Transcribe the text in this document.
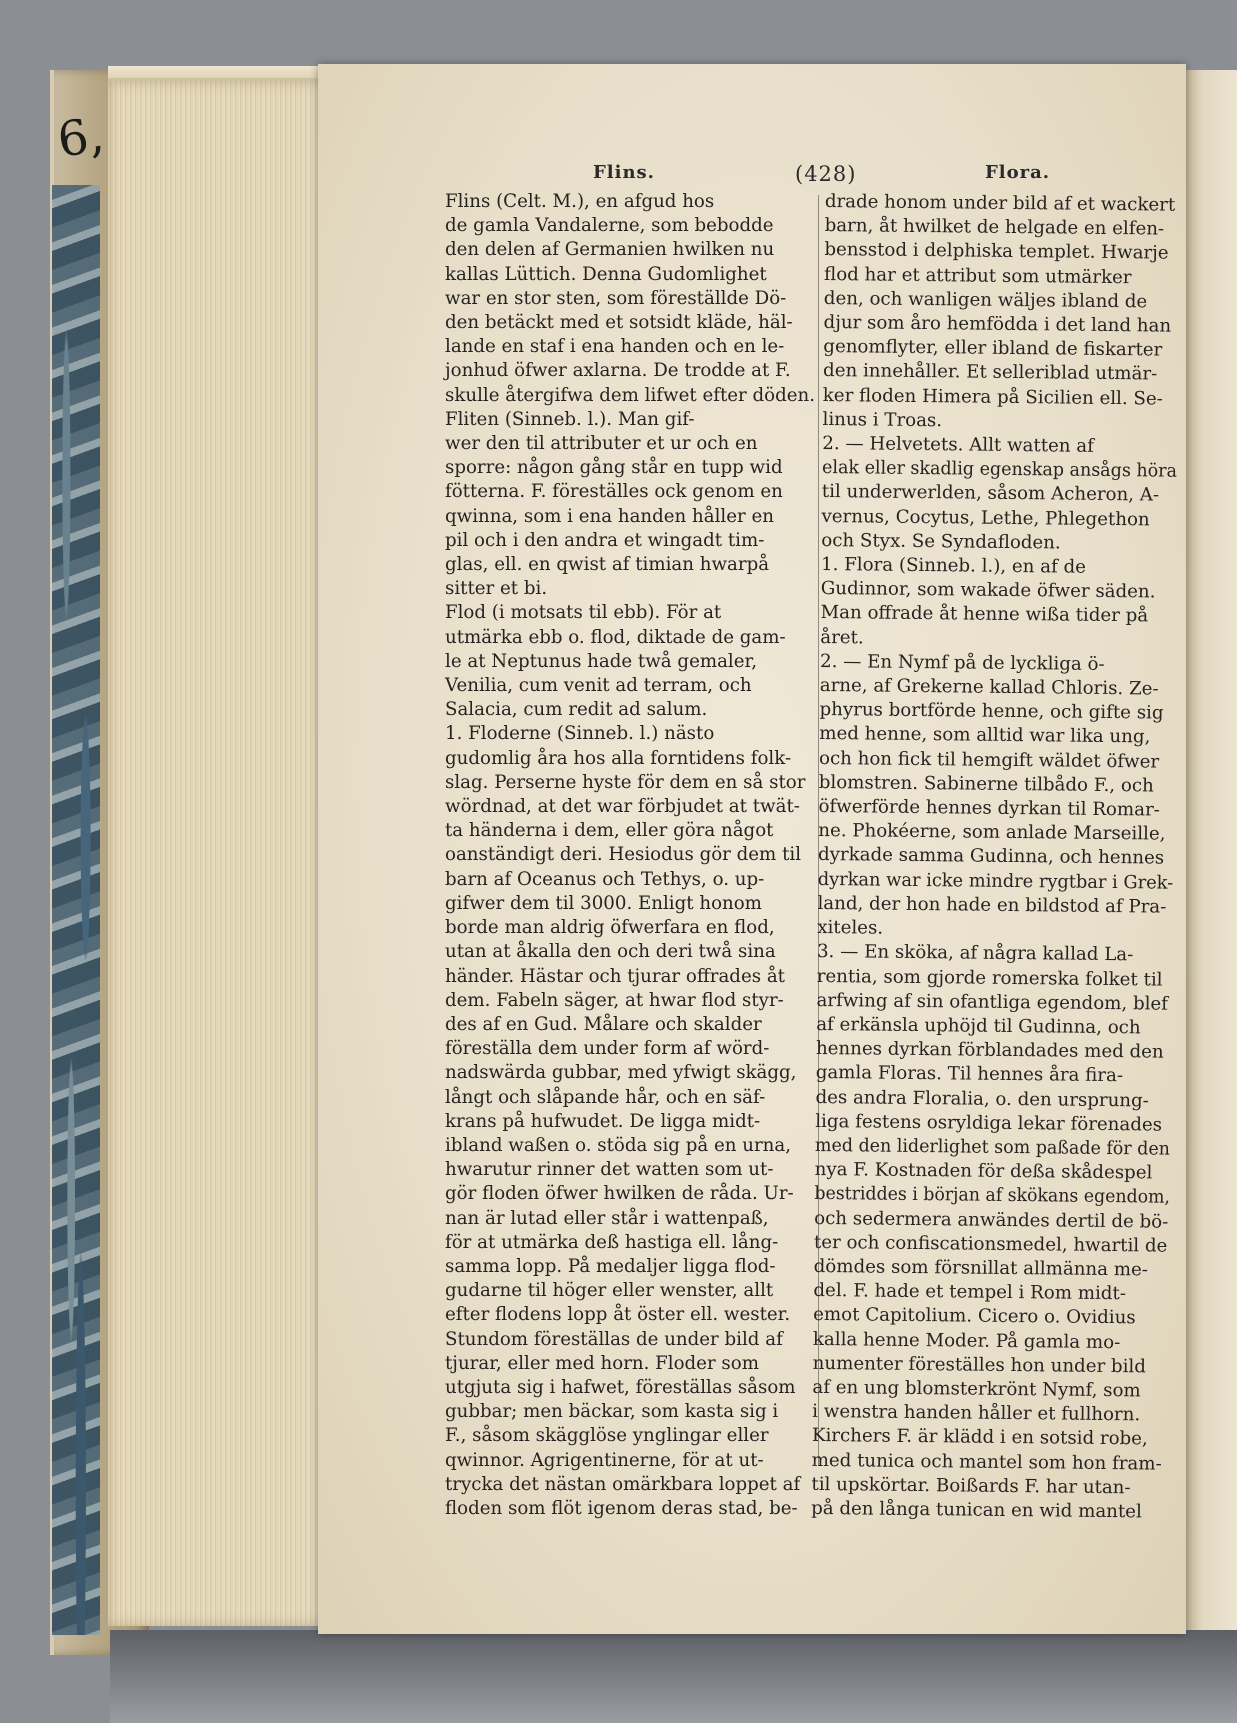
6,
Flins.	(428)	Flora.

Flins (Celt. M.), en afgud hos

de gamla Vandalerne, som bebodde

den delen af Germanien hwilken nu

kallas Lüttich. Denna Gudomlighet

war en stor sten, som föreställde Dö-

den betäckt med et sotsidt kläde, häl-

lande en staf i ena handen och en le-

jonhud öfwer axlarna. De trodde at F.

skulle återgifwa dem lifwet efter döden.

Fliten (Sinneb. l.). Man gif-

wer den til attributer et ur och en

sporre: någon gång står en tupp wid

fötterna. F. föreställes ock genom en

qwinna, som i ena handen håller en

pil och i den andra et wingadt tim-

glas, ell. en qwist af timian hwarpå

sitter et bi.

Flod (i motsats til ebb). För at

utmärka ebb o. flod, diktade de gam-

le at Neptunus hade twå gemaler,

Venilia, cum venit ad terram, och

Salacia, cum redit ad salum.

1. Floderne (Sinneb. l.) nästo

gudomlig åra hos alla forntidens folk-

slag. Perserne hyste för dem en så stor

wördnad, at det war förbjudet at twät-

ta händerna i dem, eller göra något

oanständigt deri. Hesiodus gör dem til

barn af Oceanus och Tethys, o. up-

gifwer dem til 3000. Enligt honom

borde man aldrig öfwerfara en flod,

utan at åkalla den och deri twå sina

händer. Hästar och tjurar offrades åt

dem. Fabeln säger, at hwar flod styr-

des af en Gud. Målare och skalder

föreställa dem under form af wörd-

nadswärda gubbar, med yfwigt skägg,

långt och slåpande hår, och en säf-

krans på hufwudet. De ligga midt-

ibland waßen o. stöda sig på en urna,

hwarutur rinner det watten som ut-

gör floden öfwer hwilken de råda. Ur-

nan är lutad eller står i wattenpaß,

för at utmärka deß hastiga ell. lång-

samma lopp. På medaljer ligga flod-

gudarne til höger eller wenster, allt

efter flodens lopp åt öster ell. wester.

Stundom föreställas de under bild af

tjurar, eller med horn. Floder som

utgjuta sig i hafwet, föreställas såsom

gubbar; men bäckar, som kasta sig i

F., såsom skägglöse ynglingar eller

qwinnor. Agrigentinerne, för at ut-

trycka det nästan omärkbara loppet af

floden som flöt igenom deras stad, be-

drade honom under bild af et wackert

barn, åt hwilket de helgade en elfen-

bensstod i delphiska templet. Hwarje

flod har et attribut som utmärker

den, och wanligen wäljes ibland de

djur som åro hemfödda i det land han

genomflyter, eller ibland de fiskarter

den innehåller. Et selleriblad utmär-

ker floden Himera på Sicilien ell. Se-

linus i Troas.

2. — Helvetets. Allt watten af

elak eller skadlig egenskap ansågs höra

til underwerlden, såsom Acheron, A-

vernus, Cocytus, Lethe, Phlegethon

och Styx. Se Syndafloden.

1. Flora (Sinneb. l.), en af de

Gudinnor, som wakade öfwer säden.

Man offrade åt henne wißa tider på

året.

2. — En Nymf på de lyckliga ö-

arne, af Grekerne kallad Chloris. Ze-

phyrus bortförde henne, och gifte sig

med henne, som alltid war lika ung,

och hon fick til hemgift wäldet öfwer

blomstren. Sabinerne tilbådo F., och

öfwerförde hennes dyrkan til Romar-

ne. Phokéerne, som anlade Marseille,

dyrkade samma Gudinna, och hennes

dyrkan war icke mindre rygtbar i Grek-

land, der hon hade en bildstod af Pra-

xiteles.

3. — En sköka, af några kallad La-

rentia, som gjorde romerska folket til

arfwing af sin ofantliga egendom, blef

af erkänsla uphöjd til Gudinna, och

hennes dyrkan förblandades med den

gamla Floras. Til hennes åra fira-

des andra Floralia, o. den ursprung-

liga festens osryldiga lekar förenades

med den liderlighet som paßade för den

nya F. Kostnaden för deßa skådespel

bestriddes i början af skökans egendom,

och sedermera anwändes dertil de bö-

ter och confiscationsmedel, hwartil de

dömdes som försnillat allmänna me-

del. F. hade et tempel i Rom midt-

emot Capitolium. Cicero o. Ovidius

kalla henne Moder. På gamla mo-

numenter föreställes hon under bild

af en ung blomsterkrönt Nymf, som

i wenstra handen håller et fullhorn.

Kirchers F. är klädd i en sotsid robe,

med tunica och mantel som hon fram-

til upskörtar. Boißards F. har utan-

på den långa tunican en wid mantel
